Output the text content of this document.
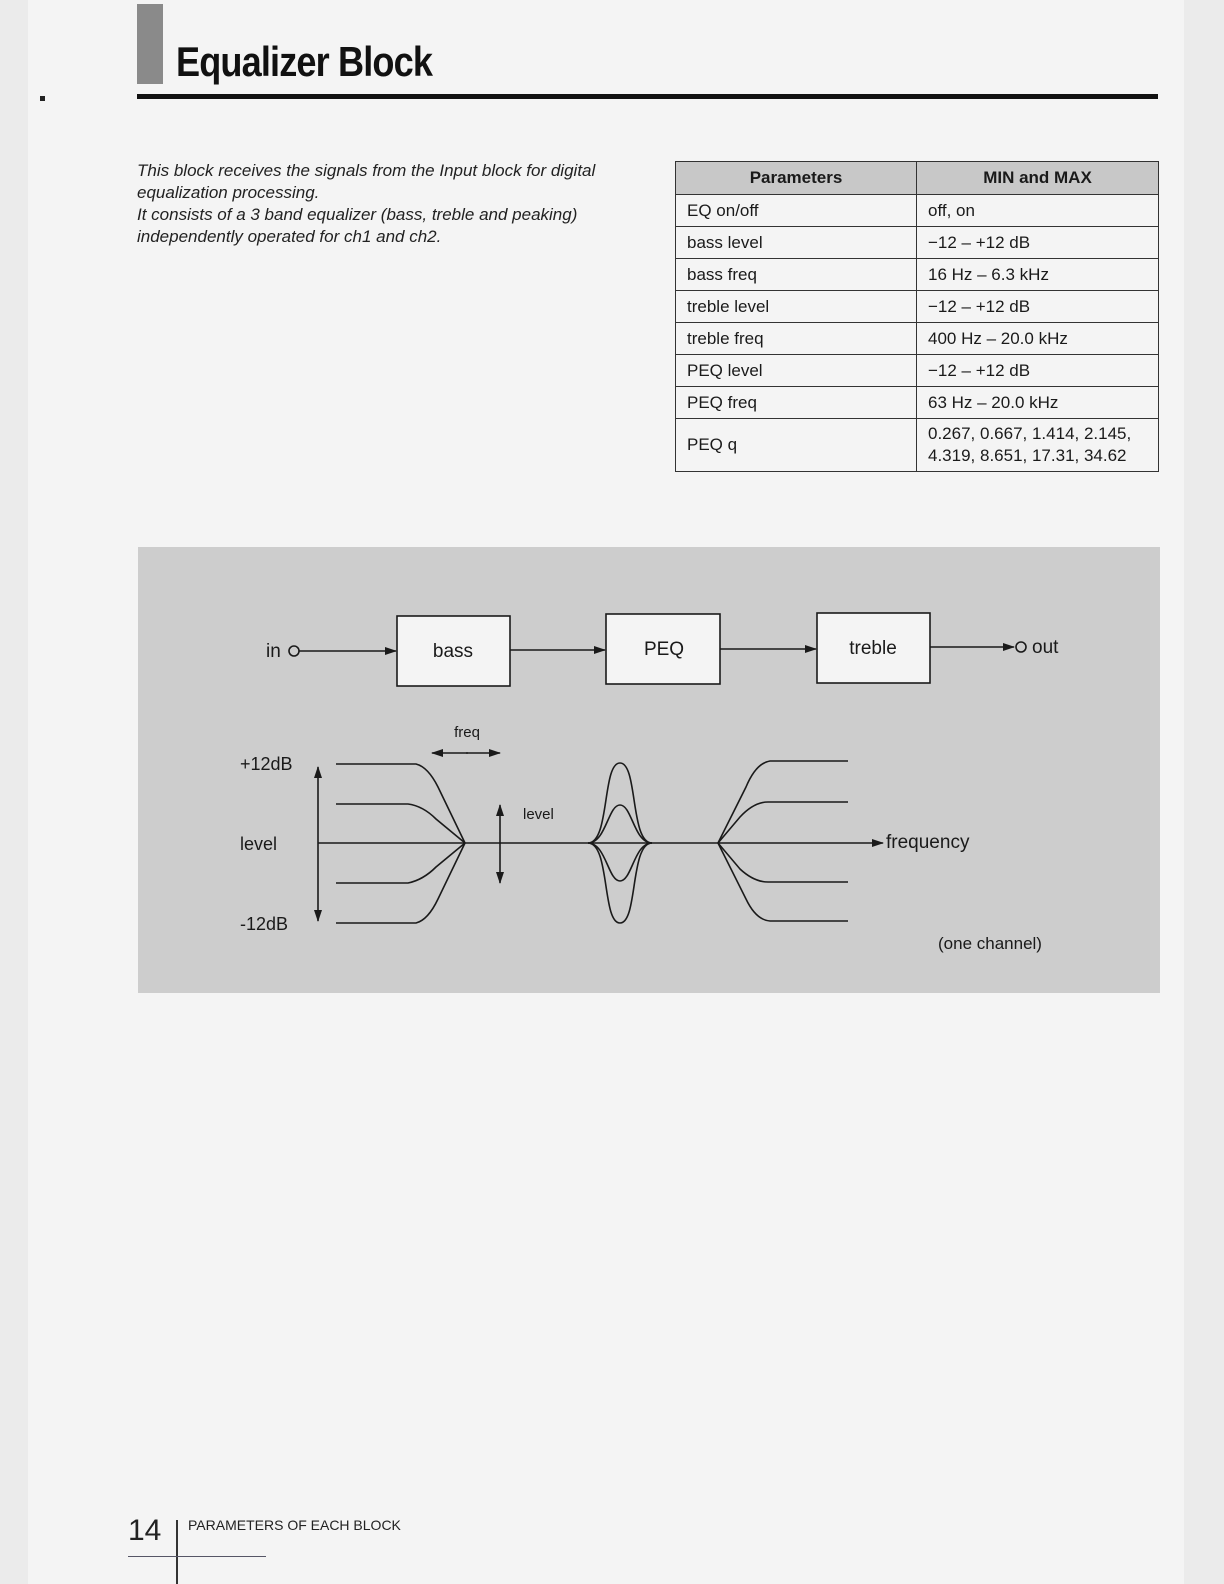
Equalizer Block

This block receives the signals from the Input block for digital equalization processing.

It consists of a 3 band equalizer (bass, treble and peaking) independently operated for ch1 and ch2.

Parameters	MIN and MAX
EQ on/off	off, on
bass level	−12 – +12 dB
bass freq	16 Hz – 6.3 kHz
treble level	−12 – +12 dB
treble freq	400 Hz – 20.0 kHz
PEQ level	−12 – +12 dB
PEQ freq	63 Hz – 20.0 kHz
PEQ q	0.267, 0.667, 1.414, 2.145, 4.319, 8.651, 17.31, 34.62
in	bass	PEQ	treble	out
freq
+12dB
level
-12dB
frequency
level
(one channel)
14 PARAMETERS OF EACH BLOCK
